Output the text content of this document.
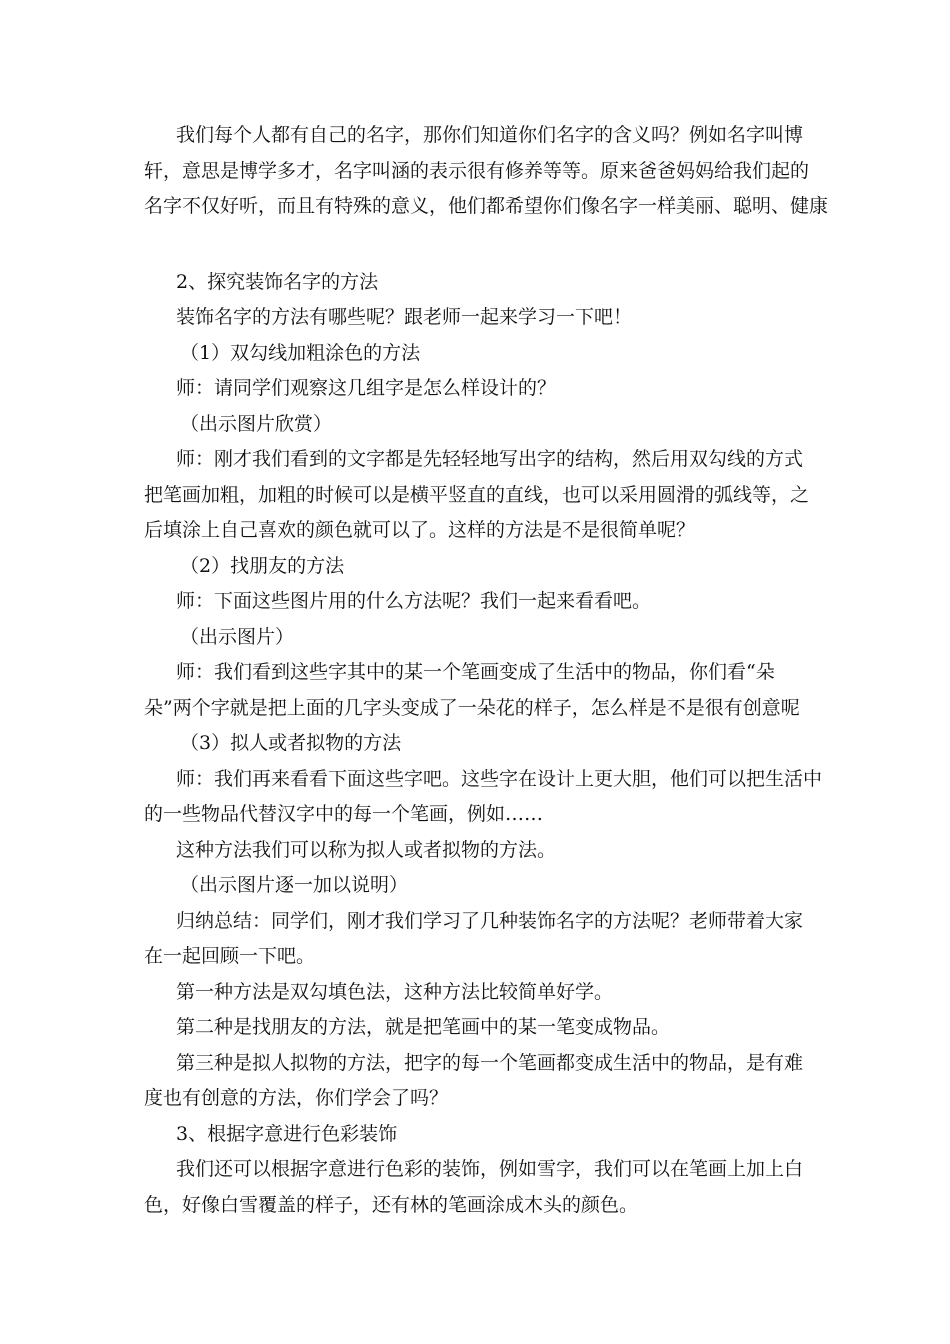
我们每个人都有自己的名字，那你们知道你们名字的含义吗？例如名字叫博
轩，意思是博学多才，名字叫涵的表示很有修养等等。原来爸爸妈妈给我们起的
名字不仅好听，而且有特殊的意义，他们都希望你们像名字一样美丽、聪明、健康
2、探究装饰名字的方法
装饰名字的方法有哪些呢？跟老师一起来学习一下吧！
（1）双勾线加粗涂色的方法
师：请同学们观察这几组字是怎么样设计的？
（出示图片欣赏）
师：刚才我们看到的文字都是先轻轻地写出字的结构，然后用双勾线的方式
把笔画加粗，加粗的时候可以是横平竖直的直线，也可以采用圆滑的弧线等，之
后填涂上自己喜欢的颜色就可以了。这样的方法是不是很简单呢？
（2）找朋友的方法
师：下面这些图片用的什么方法呢？我们一起来看看吧。
（出示图片）
师：我们看到这些字其中的某一个笔画变成了生活中的物品，你们看“朵
朵”两个字就是把上面的几字头变成了一朵花的样子，怎么样是不是很有创意呢
（3）拟人或者拟物的方法
师：我们再来看看下面这些字吧。这些字在设计上更大胆，他们可以把生活中
的一些物品代替汉字中的每一个笔画，例如……
这种方法我们可以称为拟人或者拟物的方法。
（出示图片逐一加以说明）
归纳总结：同学们，刚才我们学习了几种装饰名字的方法呢？老师带着大家
在一起回顾一下吧。
第一种方法是双勾填色法，这种方法比较简单好学。
第二种是找朋友的方法，就是把笔画中的某一笔变成物品。
第三种是拟人拟物的方法，把字的每一个笔画都变成生活中的物品，是有难
度也有创意的方法，你们学会了吗？
3、根据字意进行色彩装饰
我们还可以根据字意进行色彩的装饰，例如雪字，我们可以在笔画上加上白
色，好像白雪覆盖的样子，还有林的笔画涂成木头的颜色。
